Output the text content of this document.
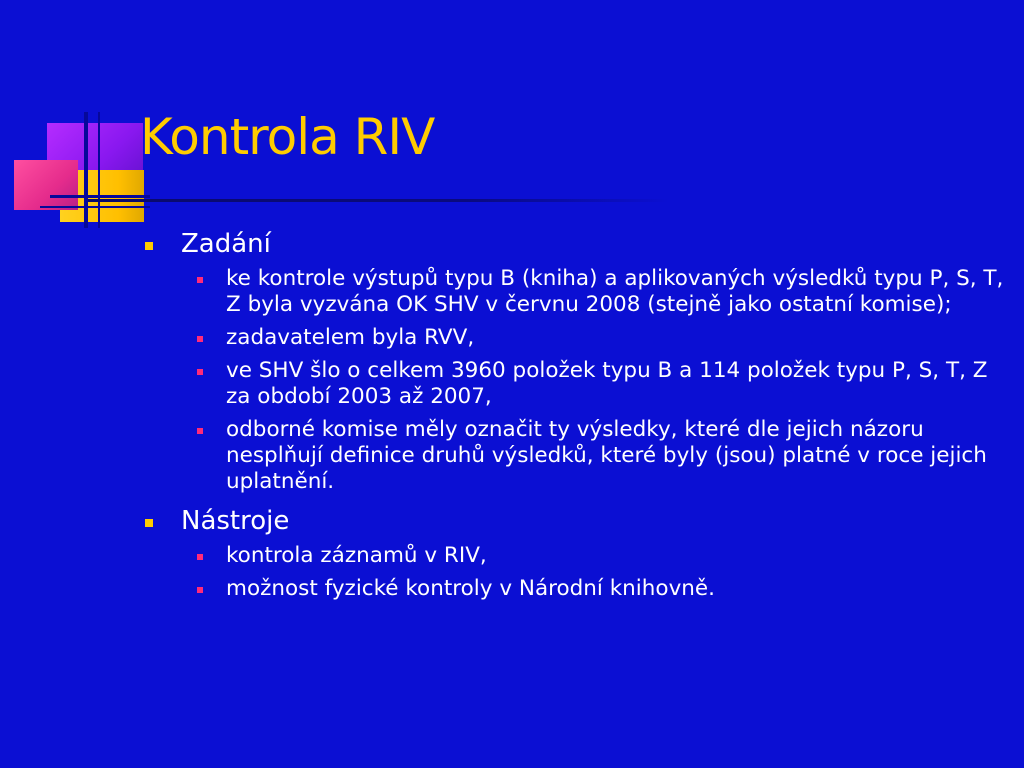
Kontrola RIV
Zadání
ke kontrole výstupů typu B (kniha) a aplikovaných výsledků typu P, S, T, Z byla vyzvána OK SHV v červnu 2008 (stejně jako ostatní komise);
zadavatelem byla RVV,
ve SHV šlo o celkem 3960 položek typu B a 114 položek typu P, S, T, Z za období 2003 až 2007,
odborné komise měly označit ty výsledky, které dle jejich názoru nesplňují definice druhů výsledků, které byly (jsou) platné v roce jejich uplatnění.
Nástroje
kontrola záznamů v RIV,
možnost fyzické kontroly v Národní knihovně.
